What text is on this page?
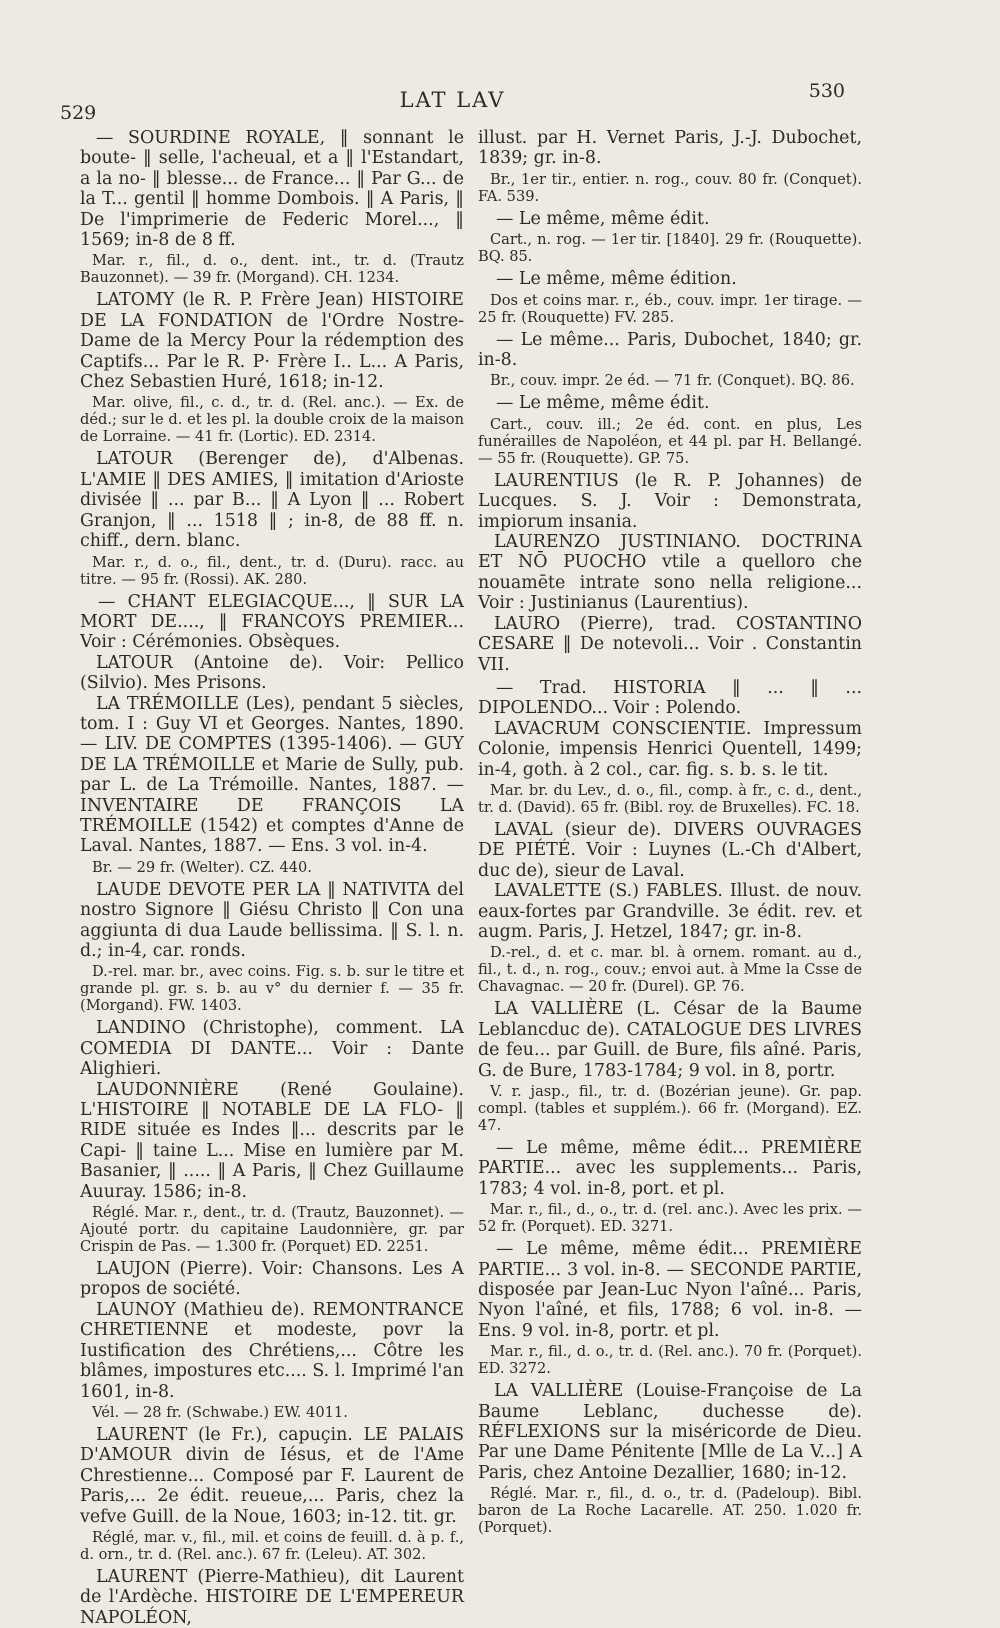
529
LAT LAV	530
— SOURDINE ROYALE, ‖ sonnant le boute- ‖ selle, l'acheual, et a ‖ l'Estandart, a la no- ‖ blesse... de France... ‖ Par G... de la T... gentil ‖ homme Dombois. ‖ A Paris, ‖ De l'imprimerie de Federic Morel..., ‖ 1569; in-8 de 8 ff.
Mar. r., fil., d. o., dent. int., tr. d. (Trautz Bauzonnet). — 39 fr. (Morgand). CH. 1234.
LATOMY (le R. P. Frère Jean) HISTOIRE DE LA FONDATION de l'Ordre Nostre-Dame de la Mercy Pour la rédemption des Captifs... Par le R. P· Frère I.. L... A Paris, Chez Sebastien Huré, 1618; in-12.
Mar. olive, fil., c. d., tr. d. (Rel. anc.). — Ex. de déd.; sur le d. et les pl. la double croix de la maison de Lorraine. — 41 fr. (Lortic). ED. 2314.
LATOUR (Berenger de), d'Albenas. L'AMIE ‖ DES AMIES, ‖ imitation d'Arioste divisée ‖ ... par B... ‖ A Lyon ‖ ... Robert Granjon, ‖ ... 1518 ‖ ; in-8, de 88 ff. n. chiff., dern. blanc.
Mar. r., d. o., fil., dent., tr. d. (Duru). racc. au titre. — 95 fr. (Rossi). AK. 280.
— CHANT ELEGIACQUE..., ‖ SUR LA MORT DE...., ‖ FRANCOYS PREMIER... Voir : Cérémonies. Obsèques.
LATOUR (Antoine de). Voir: Pellico (Silvio). Mes Prisons.
LA TRÉMOILLE (Les), pendant 5 siècles, tom. I : Guy VI et Georges. Nantes, 1890. — LIV. DE COMPTES (1395-1406). — GUY DE LA TRÉMOILLE et Marie de Sully, pub. par L. de La Trémoille. Nantes, 1887. — INVENTAIRE DE FRANÇOIS LA TRÉMOILLE (1542) et comptes d'Anne de Laval. Nantes, 1887. — Ens. 3 vol. in-4.
Br. — 29 fr. (Welter). CZ. 440.
LAUDE DEVOTE PER LA ‖ NATIVITA del nostro Signore ‖ Giésu Christo ‖ Con una aggiunta di dua Laude bellissima. ‖ S. l. n. d.; in-4, car. ronds.
D.-rel. mar. br., avec coins. Fig. s. b. sur le titre et grande pl. gr. s. b. au v° du dernier f. — 35 fr. (Morgand). FW. 1403.
LANDINO (Christophe), comment. LA COMEDIA DI DANTE... Voir : Dante Alighieri.
LAUDONNIÈRE (René Goulaine). L'HISTOIRE ‖ NOTABLE DE LA FLO- ‖ RIDE située es Indes ‖... descrits par le Capi- ‖ taine L... Mise en lumière par M. Basanier, ‖ ..... ‖ A Paris, ‖ Chez Guillaume Auuray. 1586; in-8.
Réglé. Mar. r., dent., tr. d. (Trautz, Bauzonnet). — Ajouté portr. du capitaine Laudonnière, gr. par Crispin de Pas. — 1.300 fr. (Porquet) ED. 2251.
LAUJON (Pierre). Voir: Chansons. Les A propos de société.
LAUNOY (Mathieu de). REMONTRANCE CHRETIENNE et modeste, povr la Iustification des Chrétiens,... Côtre les blâmes, impostures etc.... S. l. Imprimé l'an 1601, in-8.
Vél. — 28 fr. (Schwabe.) EW. 4011.
LAURENT (le Fr.), capuçin. LE PALAIS D'AMOUR divin de Iésus, et de l'Ame Chrestienne... Composé par F. Laurent de Paris,... 2e édit. reueue,... Paris, chez la vefve Guill. de la Noue, 1603; in-12. tit. gr.
Réglé, mar. v., fil., mil. et coins de feuill. d. à p. f., d. orn., tr. d. (Rel. anc.). 67 fr. (Leleu). AT. 302.
LAURENT (Pierre-Mathieu), dit Laurent de l'Ardèche. HISTOIRE DE L'EMPEREUR NAPOLÉON,
illust. par H. Vernet Paris, J.-J. Dubochet, 1839; gr. in-8.
Br., 1er tir., entier. n. rog., couv. 80 fr. (Conquet). FA. 539.
— Le même, même édit.
Cart., n. rog. — 1er tir. [1840]. 29 fr. (Rouquette). BQ. 85.
— Le même, même édition.
Dos et coins mar. r., éb., couv. impr. 1er tirage. — 25 fr. (Rouquette) FV. 285.
— Le même... Paris, Dubochet, 1840; gr. in-8.
Br., couv. impr. 2e éd. — 71 fr. (Conquet). BQ. 86.
— Le même, même édit.
Cart., couv. ill.; 2e éd. cont. en plus, Les funérailles de Napoléon, et 44 pl. par H. Bellangé. — 55 fr. (Rouquette). GP. 75.
LAURENTIUS (le R. P. Johannes) de Lucques. S. J. Voir : Demonstrata, impiorum insania.
LAURENZO JUSTINIANO. DOCTRINA ET NŌ PUOCHO vtile a quelloro che nouamēte intrate sono nella religione... Voir : Justinianus (Laurentius).
LAURO (Pierre), trad. COSTANTINO CESARE ‖ De notevoli... Voir . Constantin VII.
— Trad. HISTORIA ‖ ... ‖ ... DIPOLENDO... Voir : Polendo.
LAVACRUM CONSCIENTIE. Impressum Colonie, impensis Henrici Quentell, 1499; in-4, goth. à 2 col., car. fig. s. b. s. le tit.
Mar. br. du Lev., d. o., fil., comp. à fr., c. d., dent., tr. d. (David). 65 fr. (Bibl. roy. de Bruxelles). FC. 18.
LAVAL (sieur de). DIVERS OUVRAGES DE PIÉTÉ. Voir : Luynes (L.-Ch d'Albert, duc de), sieur de Laval.
LAVALETTE (S.) FABLES. Illust. de nouv. eaux-fortes par Grandville. 3e édit. rev. et augm. Paris, J. Hetzel, 1847; gr. in-8.
D.-rel., d. et c. mar. bl. à ornem. romant. au d., fil., t. d., n. rog., couv.; envoi aut. à Mme la Csse de Chavagnac. — 20 fr. (Durel). GP. 76.
LA VALLIÈRE (L. César de la Baume Leblancduc de). CATALOGUE DES LIVRES de feu... par Guill. de Bure, fils aîné. Paris, G. de Bure, 1783-1784; 9 vol. in 8, portr.
V. r. jasp., fil., tr. d. (Bozérian jeune). Gr. pap. compl. (tables et supplém.). 66 fr. (Morgand). EZ. 47.
— Le même, même édit... PREMIÈRE PARTIE... avec les supplements... Paris, 1783; 4 vol. in-8, port. et pl.
Mar. r., fil., d., o., tr. d. (rel. anc.). Avec les prix. — 52 fr. (Porquet). ED. 3271.
— Le même, même édit... PREMIÈRE PARTIE... 3 vol. in-8. — SECONDE PARTIE, disposée par Jean-Luc Nyon l'aîné... Paris, Nyon l'aîné, et fils, 1788; 6 vol. in-8. — Ens. 9 vol. in-8, portr. et pl.
Mar. r., fil., d. o., tr. d. (Rel. anc.). 70 fr. (Porquet). ED. 3272.
LA VALLIÈRE (Louise-Françoise de La Baume Leblanc, duchesse de). RÉFLEXIONS sur la miséricorde de Dieu. Par une Dame Pénitente [Mlle de La V...] A Paris, chez Antoine Dezallier, 1680; in-12.
Réglé. Mar. r., fil., d. o., tr. d. (Padeloup). Bibl. baron de La Roche Lacarelle. AT. 250. 1.020 fr. (Porquet).
